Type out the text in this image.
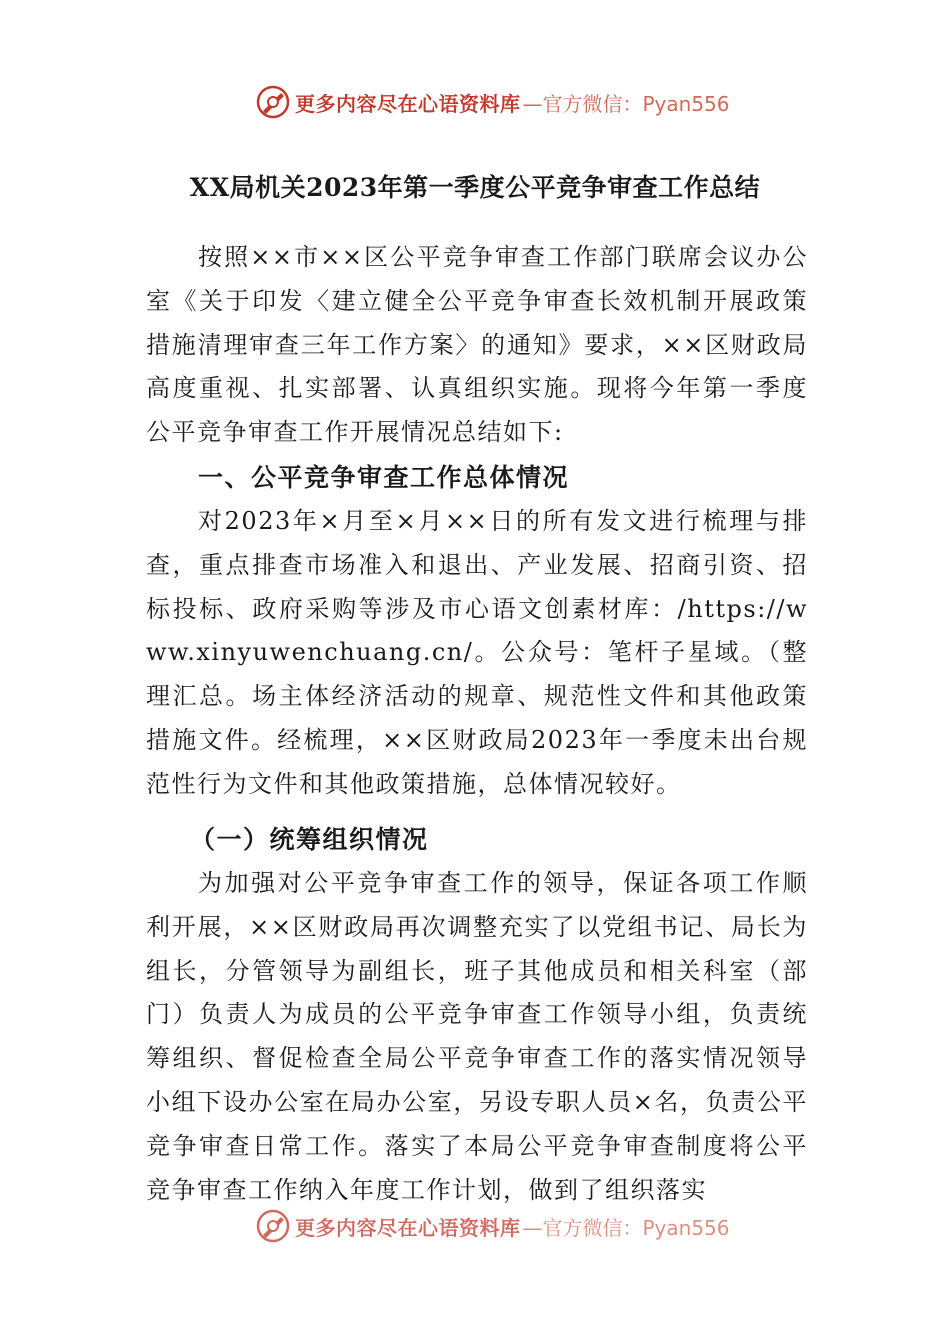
更多内容尽在心语资料库 —官方微信：Pyan556
XX局机关2023年第一季度公平竞争审查工作总结
按照××市××区公平竞争审查工作部门联席会议办公室《关于印发〈建立健全公平竞争审查长效机制开展政策措施清理审查三年工作方案〉的通知》要求，××区财政局高度重视、扎实部署、认真组织实施。现将今年第一季度公平竞争审查工作开展情况总结如下:
一、公平竞争审查工作总体情况
对2023年×月至×月××日的所有发文进行梳理与排查，重点排查市场准入和退出、产业发展、招商引资、招标投标、政府采购等涉及市心语文创素材库：/https://www.xinyuwenchuang.cn/。公众号：笔杆子星域。（整理汇总。场主体经济活动的规章、规范性文件和其他政策措施文件。经梳理，××区财政局2023年一季度未出台规范性行为文件和其他政策措施，总体情况较好。
（一）统筹组织情况
为加强对公平竞争审查工作的领导，保证各项工作顺利开展，××区财政局再次调整充实了以党组书记、局长为组长，分管领导为副组长，班子其他成员和相关科室（部门）负责人为成员的公平竞争审查工作领导小组，负责统筹组织、督促检查全局公平竞争审查工作的落实情况领导小组下设办公室在局办公室，另设专职人员×名，负责公平竞争审查日常工作。落实了本局公平竞争审查制度将公平竞争审查工作纳入年度工作计划，做到了组织落实
更多内容尽在心语资料库 —官方微信：Pyan556
